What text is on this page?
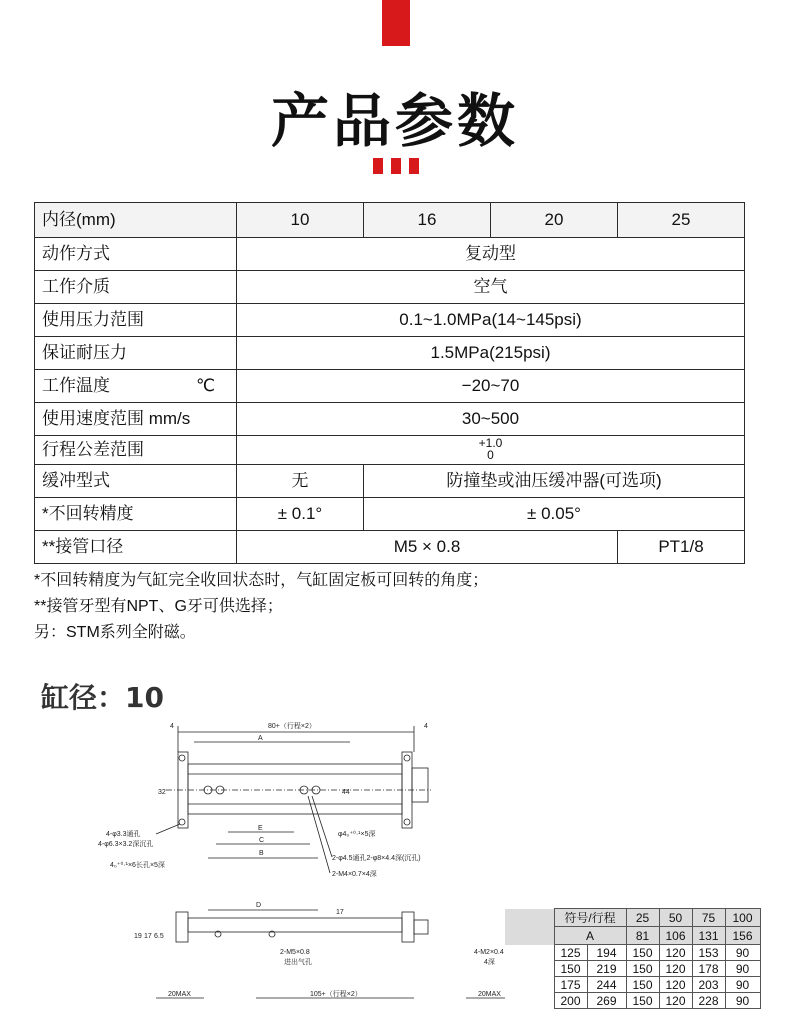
产品参数
内径(mm)	10	16	20	25
动作方式	复动型			
工作介质	空气			
使用压力范围	0.1~1.0MPa(14~145psi)			
保证耐压力	1.5MPa(215psi)			
工作温度 ℃	−20~70			
使用速度范围 mm/s	30~500			
行程公差范围	+1.0
0			
缓冲型式	无	防撞垫或油压缓冲器(可选项)		
*不回转精度	± 0.1°	± 0.05°		
**接管口径	M5 × 0.8			PT1/8
*不回转精度为气缸完全收回状态时，气缸固定板可回转的角度；
**接管牙型有NPT、G牙可供选择；
另：STM系列全附磁。
缸径：10
80+（行程×2）
4	4
A
32	44
E
C
B
4-φ3.3通孔
4-φ6.3×3.2深沉孔
4₀⁺⁰·¹×6长孔×5深
φ4₀⁺⁰·¹×5深
2-φ4.5通孔2-φ8×4.4深(沉孔)
2-M4×0.7×4深
D
19 17 6.5
17
2-M5×0.8
进出气孔
4-M2×0.4
4深
20MAX	105+（行程×2）	20MAX
	符号/行程		25	50	75	100
	A		81	106	131	156
	125	194	150	120	153	90
	150	219	150	120	178	90
	175	244	150	120	203	90
	200	269	150	120	228	90
